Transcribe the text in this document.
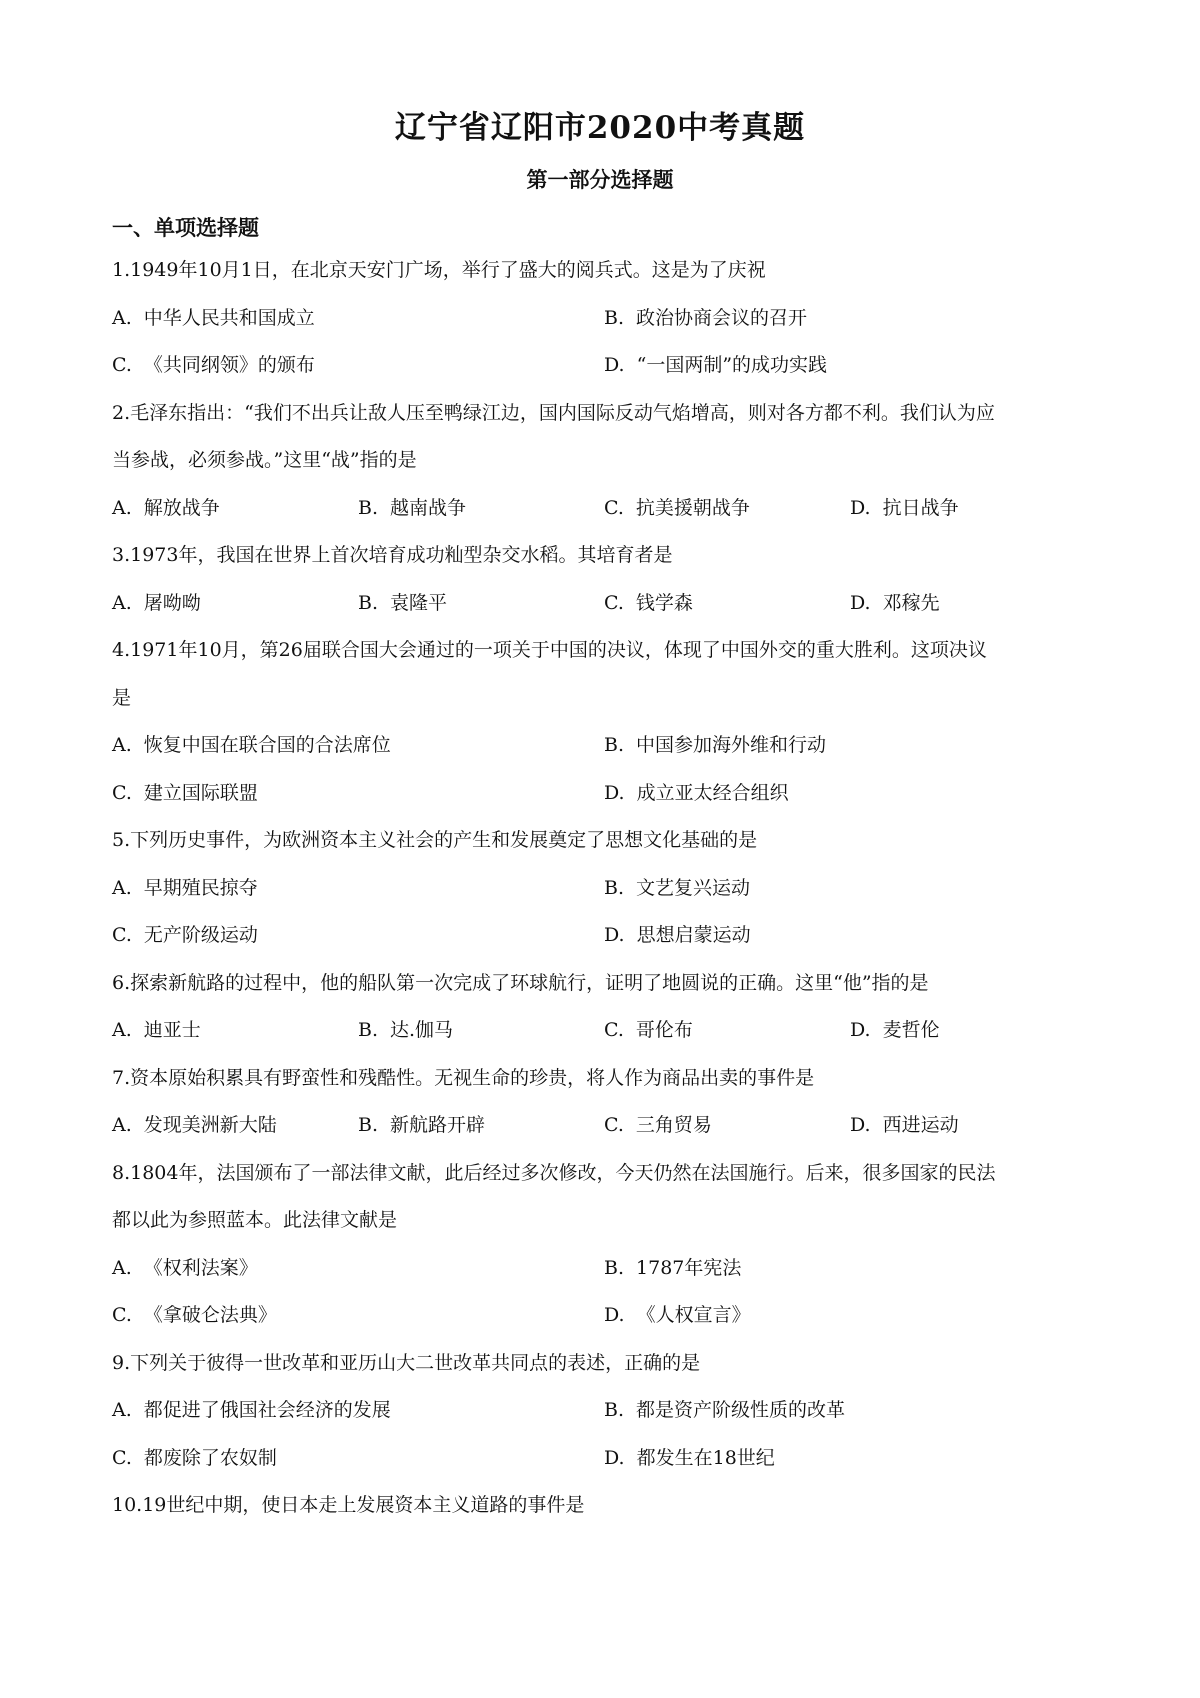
辽宁省辽阳市2020中考真题
第一部分选择题
一、单项选择题
1.1949年10月1日，在北京天安门广场，举行了盛大的阅兵式。这是为了庆祝
A. 中华人民共和国成立	B. 政治协商会议的召开
C. 《共同纲领》的颁布	D. “一国两制”的成功实践
2.毛泽东指出：“我们不出兵让敌人压至鸭绿江边，国内国际反动气焰增高，则对各方都不利。我们认为应
当参战，必须参战。”这里“战”指的是
A. 解放战争	B. 越南战争	C. 抗美援朝战争	D. 抗日战争
3.1973年，我国在世界上首次培育成功籼型杂交水稻。其培育者是
A. 屠呦呦	B. 袁隆平	C. 钱学森	D. 邓稼先
4.1971年10月，第26届联合国大会通过的一项关于中国的决议，体现了中国外交的重大胜利。这项决议
是
A. 恢复中国在联合国的合法席位	B. 中国参加海外维和行动
C. 建立国际联盟	D. 成立亚太经合组织
5.下列历史事件，为欧洲资本主义社会的产生和发展奠定了思想文化基础的是
A. 早期殖民掠夺	B. 文艺复兴运动
C. 无产阶级运动	D. 思想启蒙运动
6.探索新航路的过程中，他的船队第一次完成了环球航行，证明了地圆说的正确。这里“他”指的是
A. 迪亚士	B. 达.伽马	C. 哥伦布	D. 麦哲伦
7.资本原始积累具有野蛮性和残酷性。无视生命的珍贵，将人作为商品出卖的事件是
A. 发现美洲新大陆	B. 新航路开辟	C. 三角贸易	D. 西进运动
8.1804年，法国颁布了一部法律文献，此后经过多次修改，今天仍然在法国施行。后来，很多国家的民法
都以此为参照蓝本。此法律文献是
A. 《权利法案》	B. 1787年宪法
C. 《拿破仑法典》	D. 《人权宣言》
9.下列关于彼得一世改革和亚历山大二世改革共同点的表述，正确的是
A. 都促进了俄国社会经济的发展	B. 都是资产阶级性质的改革
C. 都废除了农奴制	D. 都发生在18世纪
10.19世纪中期，使日本走上发展资本主义道路的事件是
